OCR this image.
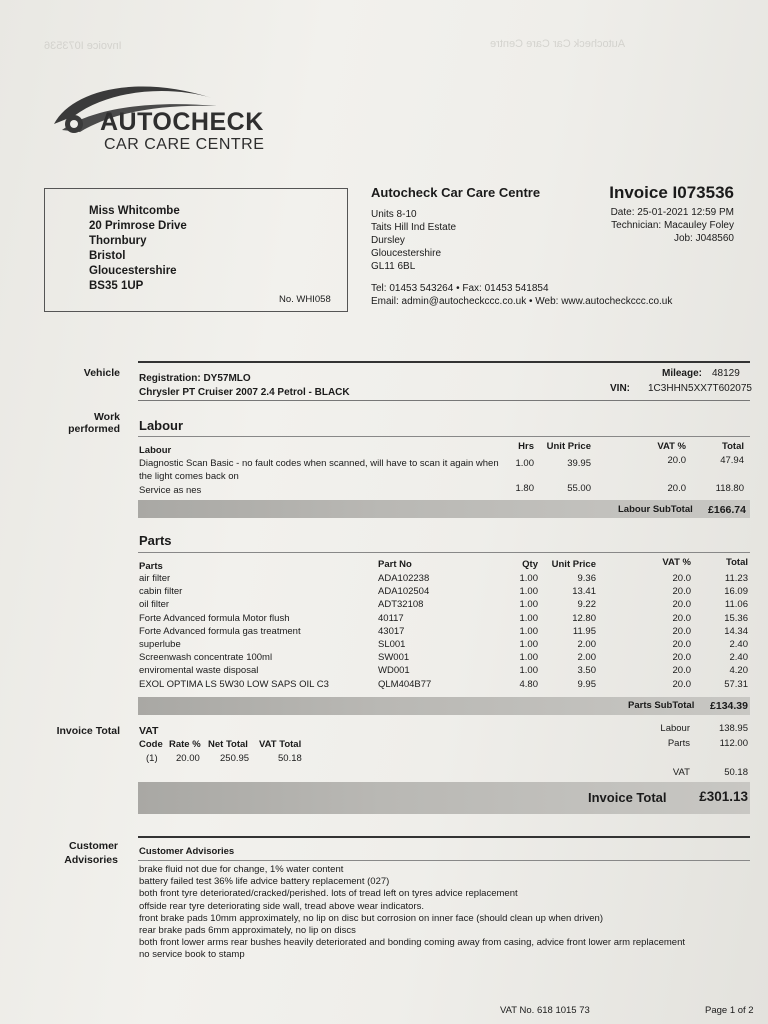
Autocheck Car Care Centre
Invoice I073536
AUTOCHECK
CAR CARE CENTRE
Miss Whitcombe
20 Primrose Drive
Thornbury
Bristol
Gloucestershire
BS35 1UP
No. WHI058
Autocheck Car Care Centre
Units 8-10
Taits Hill Ind Estate
Dursley
Gloucestershire
GL11 6BL
Tel: 01453 543264 • Fax: 01453 541854
Email: admin@autocheckccc.co.uk • Web: www.autocheckccc.co.uk
Invoice I073536
Date: 25-01-2021 12:59 PM
Technician: Macauley Foley
Job: J048560
Vehicle Registration: DY57MLO
Chrysler PT Cruiser 2007 2.4 Petrol - BLACK
Mileage: 48129
VIN: 1C3HHN5XX7T602075
Work performed Labour
Labour	Hrs	Unit Price	VAT %	Total
Diagnostic Scan Basic - no fault codes when scanned, will have to scan it again when
the light comes back on
1.00	39.95	20.0	47.94
Service as nes	1.80	55.00	20.0	118.80
Labour SubTotal	£166.74
Parts
Parts	Part No	Qty	Unit Price	VAT %	Total
air filter	ADA102238	1.00	9.36	20.0	11.23
cabin filter	ADA102504	1.00	13.41	20.0	16.09
oil filter	ADT32108	1.00	9.22	20.0	11.06
Forte Advanced formula Motor flush	40117	1.00	12.80	20.0	15.36
Forte Advanced formula gas treatment	43017	1.00	11.95	20.0	14.34
superlube	SL001	1.00	2.00	20.0	2.40
Screenwash concentrate 100ml	SW001	1.00	2.00	20.0	2.40
enviromental waste disposal	WD001	1.00	3.50	20.0	4.20
EXOL OPTIMA LS 5W30 LOW SAPS OIL C3	QLM404B77	4.80	9.95	20.0	57.31
Parts SubTotal	£134.39
Invoice Total VAT
Code Rate % Net Total VAT Total
(1) 20.00 250.95	50.18
Labour	138.95
Parts	112.00
VAT	50.18
Invoice Total	£301.13
Customer
Advisories
Customer Advisories
brake fluid not due for change, 1% water content
battery failed test 36% life advice battery replacement (027)
both front tyre deteriorated/cracked/perished. lots of tread left on tyres advice replacement
offside rear tyre deteriorating side wall, tread above wear indicators.
front brake pads 10mm approximately, no lip on disc but corrosion on inner face (should clean up when driven)
rear brake pads 6mm approximately, no lip on discs
both front lower arms rear bushes heavily deteriorated and bonding coming away from casing, advice front lower arm replacement
no service book to stamp
VAT No. 618 1015 73	Page 1 of 2
